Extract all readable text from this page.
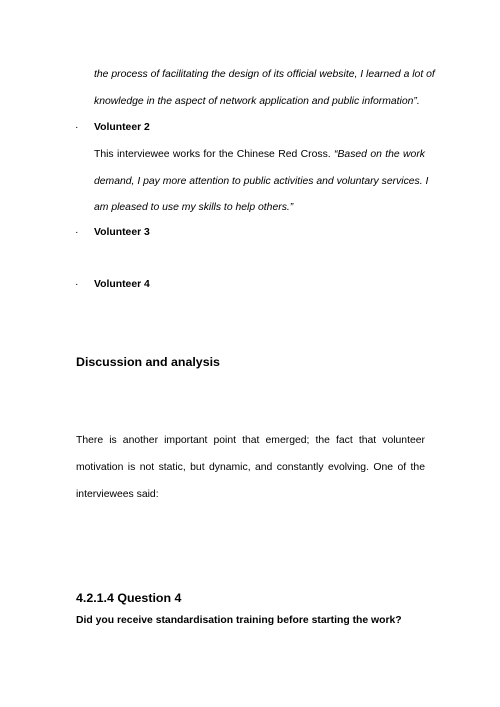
the process of facilitating the design of its official website, I learned a lot of
knowledge in the aspect of network application and public information”.
· Volunteer 2
This interviewee works for the Chinese Red Cross. “Based on the work
demand, I pay more attention to public activities and voluntary services. I
am pleased to use my skills to help others.”
· Volunteer 3
· Volunteer 4
Discussion and analysis
There is another important point that emerged; the fact that volunteer
motivation is not static, but dynamic, and constantly evolving. One of the
interviewees said:
4.2.1.4 Question 4
Did you receive standardisation training before starting the work?
